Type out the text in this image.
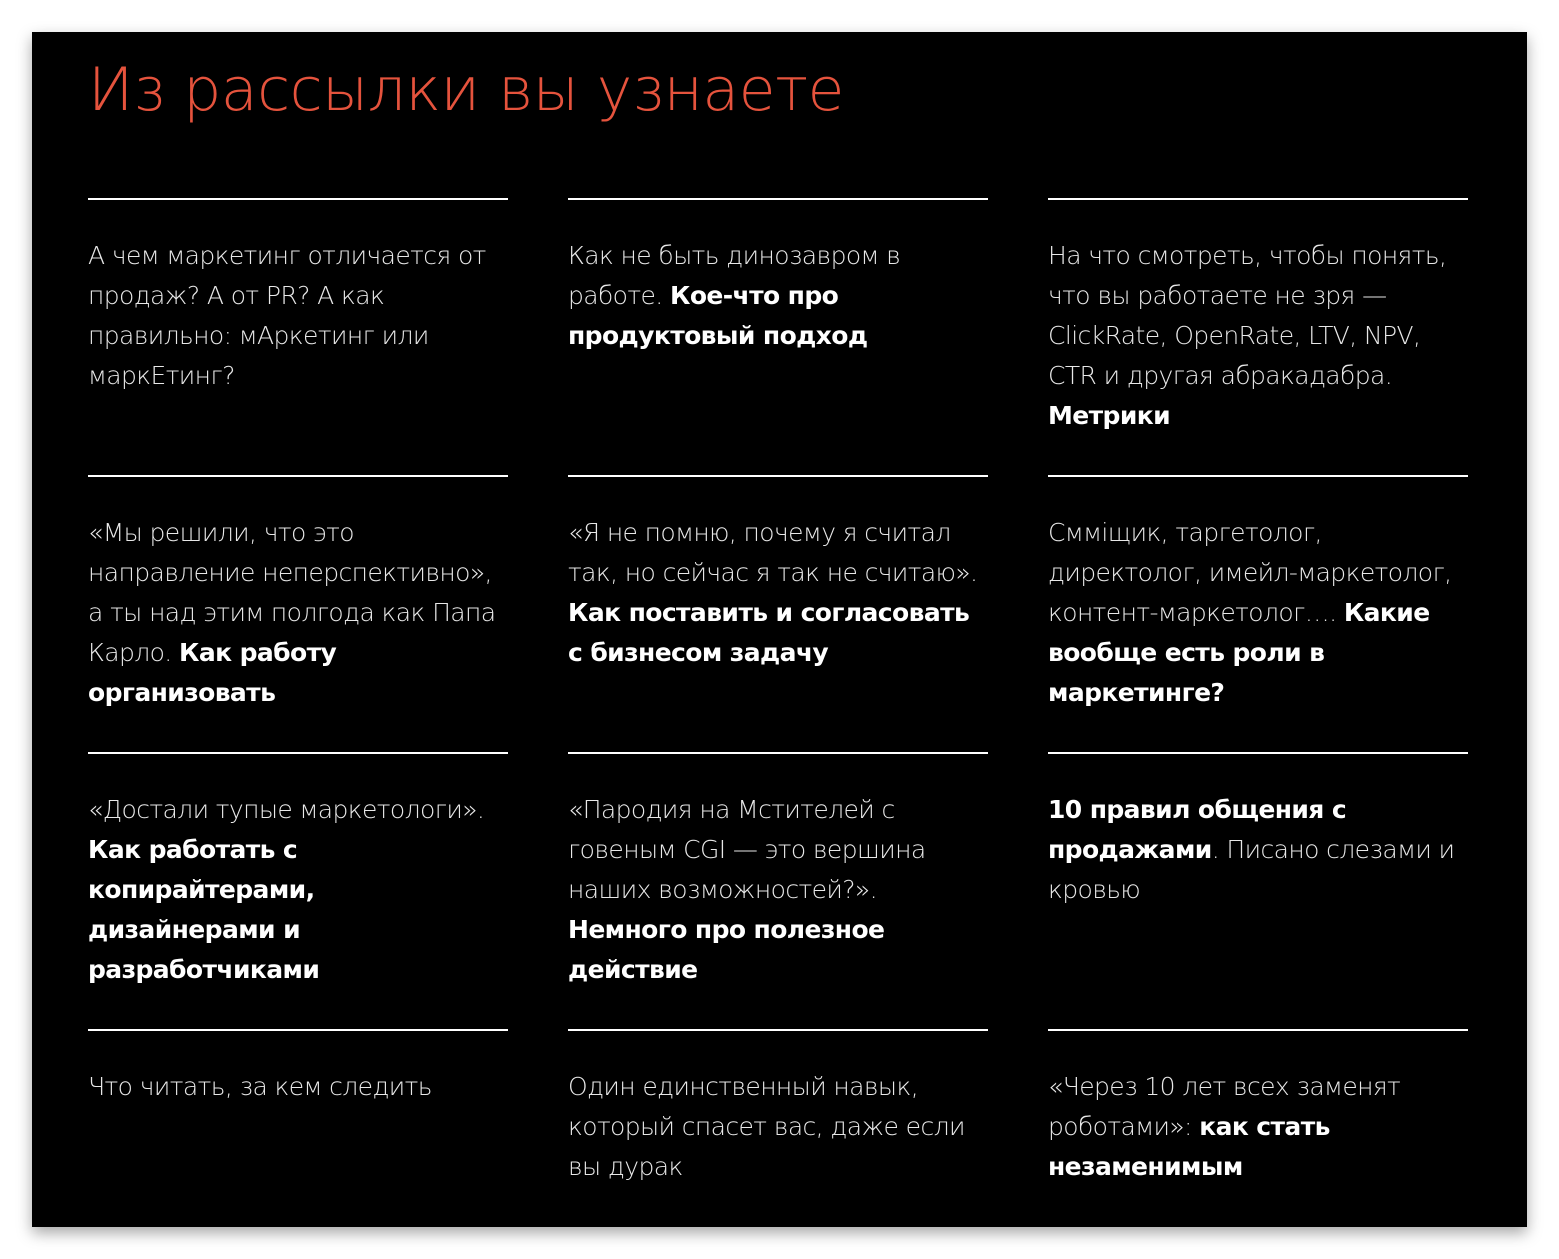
Из рассылки вы узнаете
А чем маркетинг отличается от продаж? А от PR? А как правильно: мАркетинг или маркЕтинг?
Как не быть динозавром в работе. Кое-что про продуктовый подход
На что смотреть, чтобы понять, что вы работаете не зря — ClickRate, OpenRate, LTV, NPV, CTR и другая абракадабра. Метрики
«Мы решили, что это направление неперспективно», а ты над этим полгода как Папа Карло. Как работу организовать
«Я не помню, почему я считал так, но сейчас я так не считаю». Как поставить и согласовать с бизнесом задачу
Смміщик, таргетолог, директолог, имейл-маркетолог, контент-маркетолог…. Какие вообще есть роли в маркетинге?
«Достали тупые маркетологи». Как работать с копирайтерами, дизайнерами и разработчиками
«Пародия на Мстителей с говеным CGI — это вершина наших возможностей?». Немного про полезное действие
10 правил общения с продажами. Писано слезами и кровью
Что читать, за кем следить	Один единственный навык, который спасет вас, даже если вы дурак
«Через 10 лет всех заменят роботами»: как стать незаменимым
